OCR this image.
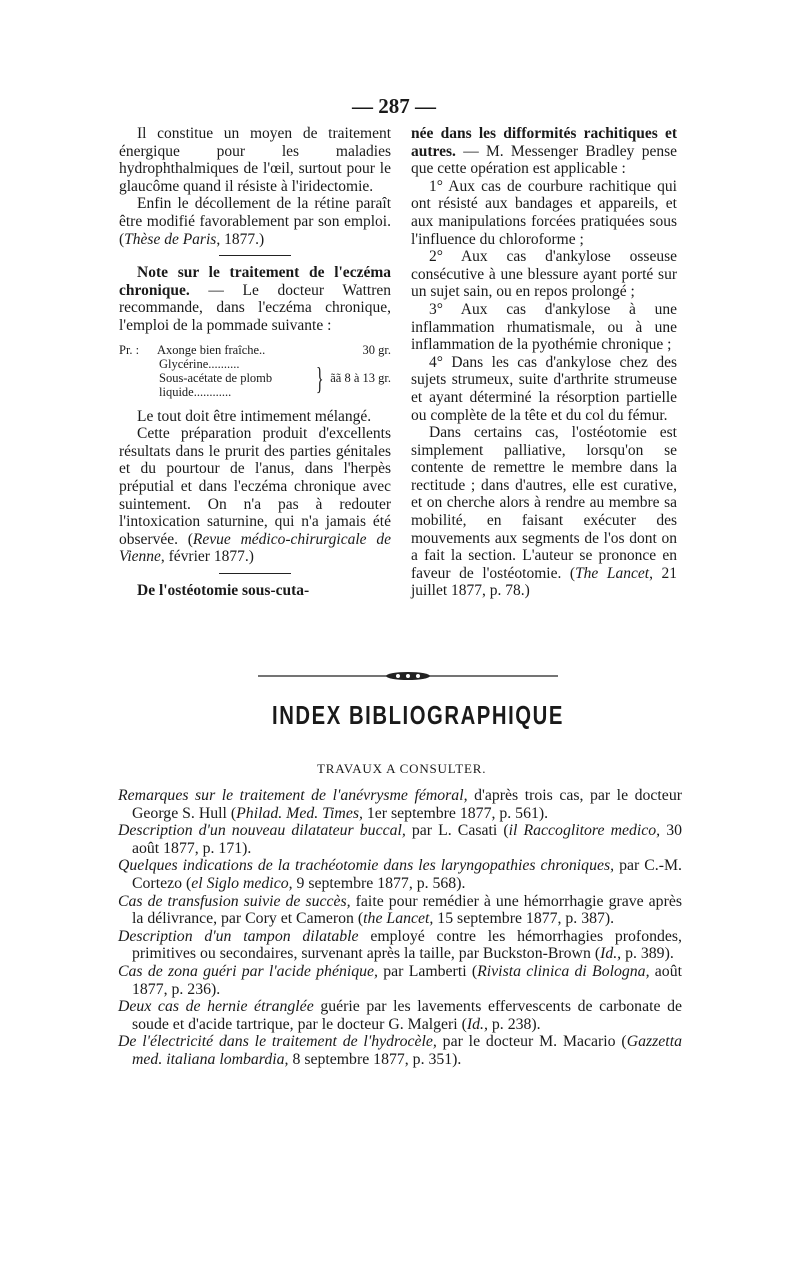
— 287 —

Il constitue un moyen de traitement énergique pour les maladies hydrophthalmiques de l'œil, surtout pour le glaucôme quand il résiste à l'iridectomie.

Enfin le décollement de la rétine paraît être modifié favorablement par son emploi. (Thèse de Paris, 1877.)

Note sur le traitement de l'eczéma chronique. — Le docteur Wattren recommande, dans l'eczéma chronique, l'emploi de la pommade suivante :

Pr. :	Axonge bien fraîche..	30 gr.
Glycérine..........
Sous-acétate de plomb
liquide............	} ãã 8 à 13 gr.

Le tout doit être intimement mélangé.

Cette préparation produit d'excellents résultats dans le prurit des parties génitales et du pourtour de l'anus, dans l'herpès préputial et dans l'eczéma chronique avec suintement. On n'a pas à redouter l'intoxication saturnine, qui n'a jamais été observée. (Revue médico-chirurgicale de Vienne, février 1877.)

De l'ostéotomie sous-cuta-

née dans les difformités rachitiques et autres. — M. Messenger Bradley pense que cette opération est applicable :

1° Aux cas de courbure rachitique qui ont résisté aux bandages et appareils, et aux manipulations forcées pratiquées sous l'influence du chloroforme ;

2° Aux cas d'ankylose osseuse consécutive à une blessure ayant porté sur un sujet sain, ou en repos prolongé ;

3° Aux cas d'ankylose à une inflammation rhumatismale, ou à une inflammation de la pyothémie chronique ;

4° Dans les cas d'ankylose chez des sujets strumeux, suite d'arthrite strumeuse et ayant déterminé la résorption partielle ou complète de la tête et du col du fémur.

Dans certains cas, l'ostéotomie est simplement palliative, lorsqu'on se contente de remettre le membre dans la rectitude ; dans d'autres, elle est curative, et on cherche alors à rendre au membre sa mobilité, en faisant exécuter des mouvements aux segments de l'os dont on a fait la section. L'auteur se prononce en faveur de l'ostéotomie. (The Lancet, 21 juillet 1877, p. 78.)

INDEX BIBLIOGRAPHIQUE
TRAVAUX A CONSULTER.

Remarques sur le traitement de l'anévrysme fémoral, d'après trois cas, par le docteur George S. Hull (Philad. Med. Times, 1er septembre 1877, p. 561).

Description d'un nouveau dilatateur buccal, par L. Casati (il Raccoglitore medico, 30 août 1877, p. 171).

Quelques indications de la trachéotomie dans les laryngopathies chroniques, par C.-M. Cortezo (el Siglo medico, 9 septembre 1877, p. 568).

Cas de transfusion suivie de succès, faite pour remédier à une hémorrhagie grave après la délivrance, par Cory et Cameron (the Lancet, 15 septembre 1877, p. 387).

Description d'un tampon dilatable employé contre les hémorrhagies profondes, primitives ou secondaires, survenant après la taille, par Buckston-Brown (Id., p. 389).

Cas de zona guéri par l'acide phénique, par Lamberti (Rivista clinica di Bologna, août 1877, p. 236).

Deux cas de hernie étranglée guérie par les lavements effervescents de carbonate de soude et d'acide tartrique, par le docteur G. Malgeri (Id., p. 238).

De l'électricité dans le traitement de l'hydrocèle, par le docteur M. Macario (Gazzetta med. italiana lombardia, 8 septembre 1877, p. 351).
